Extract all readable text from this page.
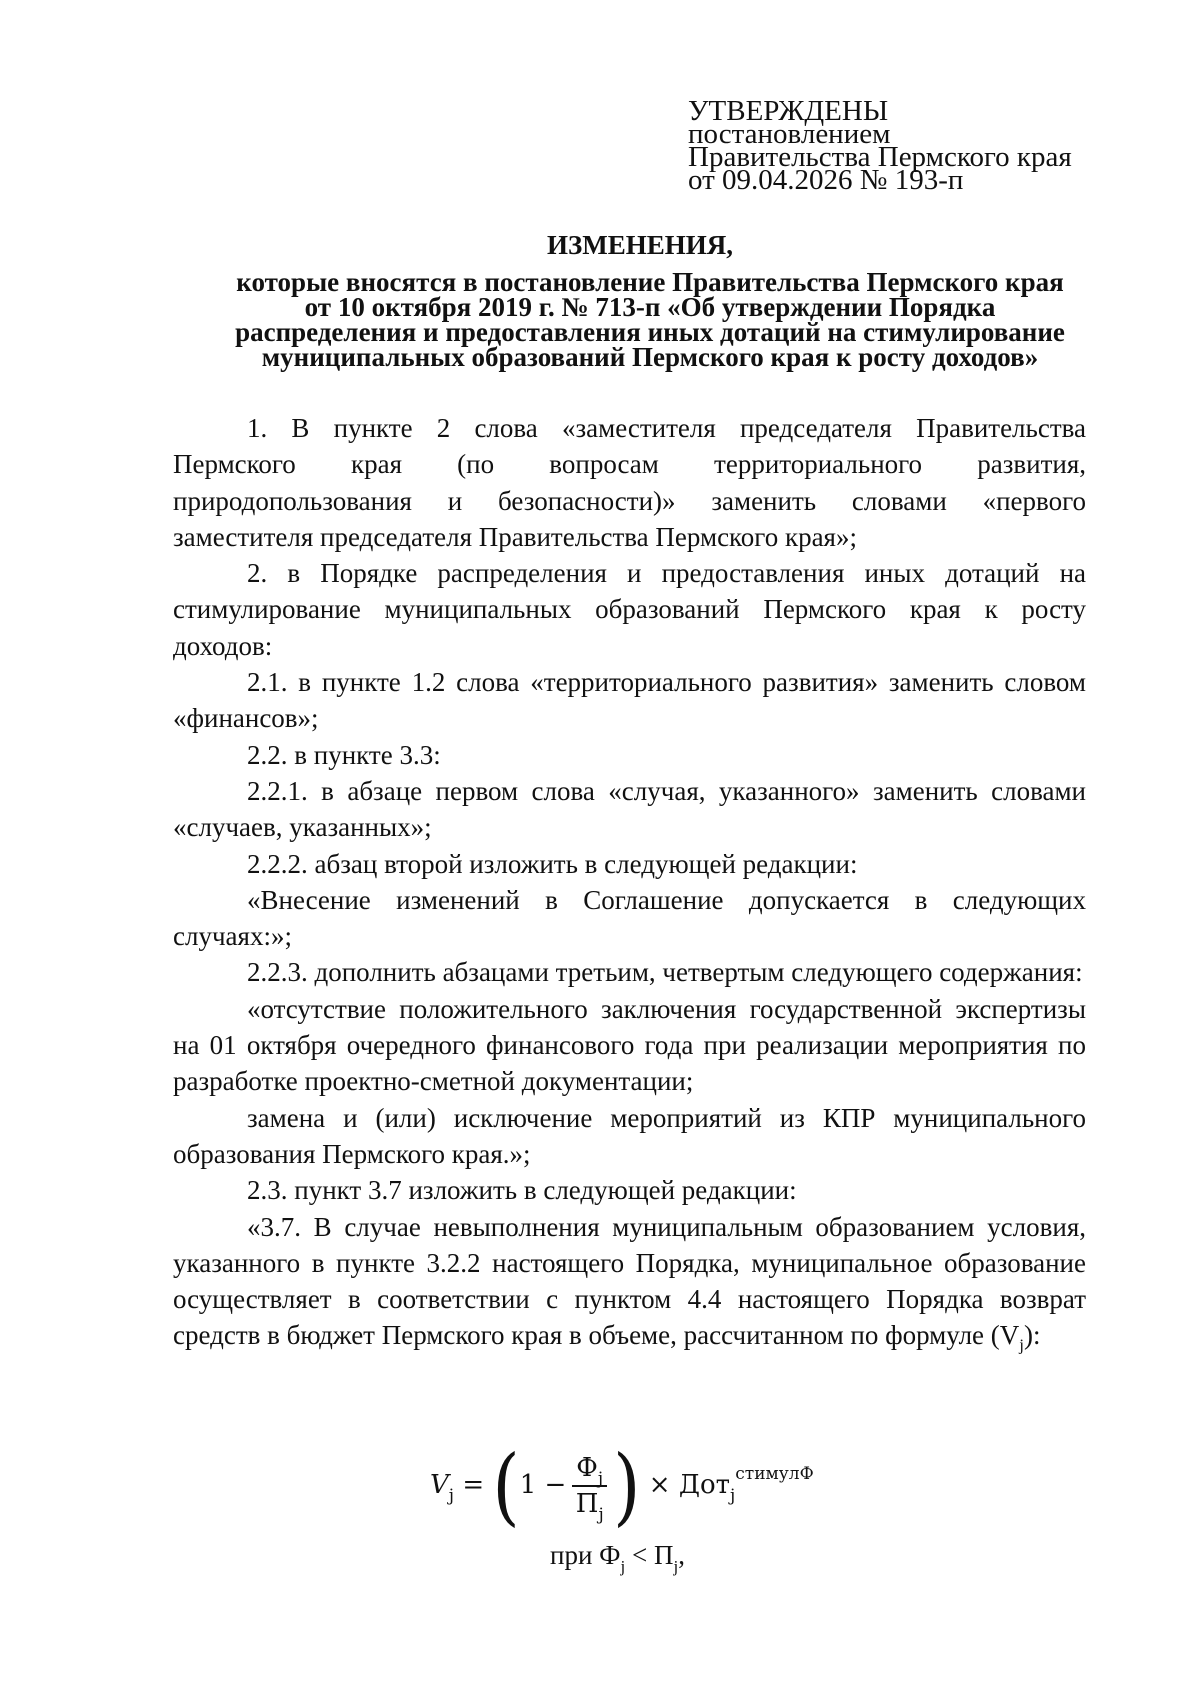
УТВЕРЖДЕНЫ
постановлением
Правительства Пермского края
от 09.04.2026 № 193-п
ИЗМЕНЕНИЯ,
которые вносятся в постановление Правительства Пермского края
от 10 октября 2019 г. № 713-п «Об утверждении Порядка
распределения и предоставления иных дотаций на стимулирование
муниципальных образований Пермского края к росту доходов»

1. В пункте 2 слова «заместителя председателя Правительства Пермского края (по вопросам территориального развития, природопользования и безопасности)» заменить словами «первого заместителя председателя Правительства Пермского края»;

2. в Порядке распределения и предоставления иных дотаций на стимулирование муниципальных образований Пермского края к росту доходов:

2.1. в пункте 1.2 слова «территориального развития» заменить словом «финансов»;

2.2. в пункте 3.3:

2.2.1. в абзаце первом слова «случая, указанного» заменить словами «случаев, указанных»;

2.2.2. абзац второй изложить в следующей редакции:

«Внесение изменений в Соглашение допускается в следующих случаях:»;

2.2.3. дополнить абзацами третьим, четвертым следующего содержания:

«отсутствие положительного заключения государственной экспертизы на 01 октября очередного финансового года при реализации мероприятия по разработке проектно-сметной документации;

замена и (или) исключение мероприятий из КПР муниципального образования Пермского края.»;

2.3. пункт 3.7 изложить в следующей редакции:

«3.7. В случае невыполнения муниципальным образованием условия, указанного в пункте 3.2.2 настоящего Порядка, муниципальное образование осуществляет в соответствии с пунктом 4.4 настоящего Порядка возврат средств в бюджет Пермского края в объеме, рассчитанном по формуле $(V_j)$:

$V_j = (1 - \frac{Ф_j}{П_j}$ ) × Дот$_j^{стимулФ}$
при $Ф_j < П_j$,
